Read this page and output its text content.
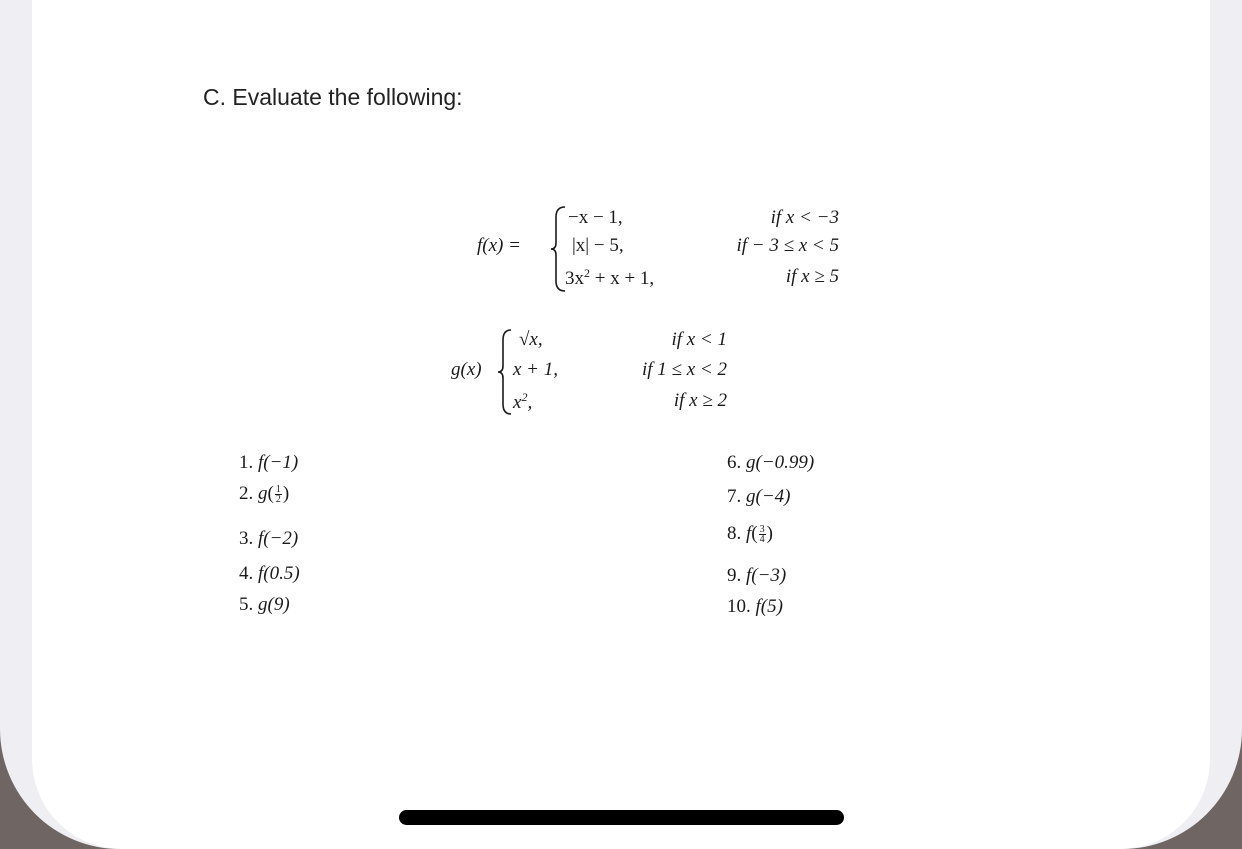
C. Evaluate the following:
f(x) =
−x − 1,	if x < −3
|x| − 5,	if − 3 ≤ x < 5
$3x^2 + x + 1$,	if x ≥ 5
g(x)
√x,	if x < 1
x + 1,	if 1 ≤ x < 2
$x^2$,	if x ≥ 2
1. f(−1)
2. $g( \frac{1}{2}$ )
3. f(−2)
4. f(0.5)
5. g(9)
6. g(−0.99)
7. g(−4)
8. $f( \frac{3}{4}$ )
9. f(−3)
10. f(5)
